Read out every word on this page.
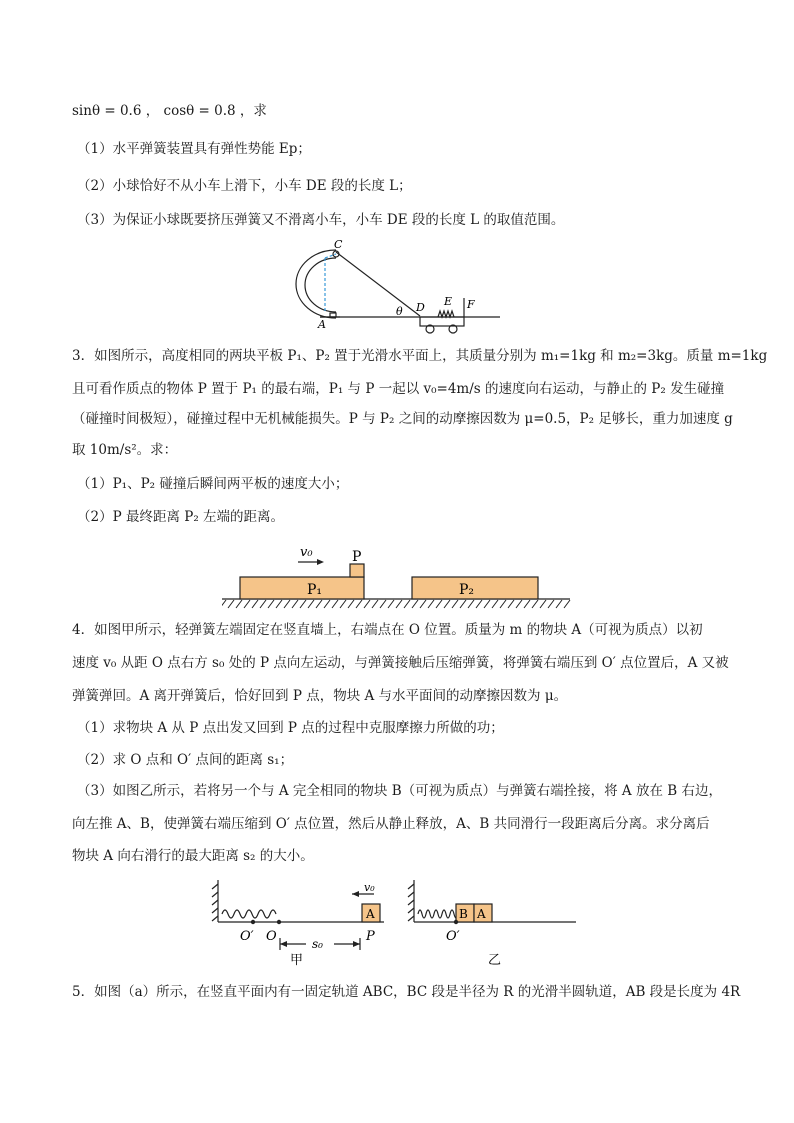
sinθ = 0.6 ， cosθ = 0.8 ，求
（1）水平弹簧装置具有弹性势能 Ep；
（2）小球恰好不从小车上滑下，小车 DE 段的长度 L；
（3）为保证小球既要挤压弹簧又不滑离小车，小车 DE 段的长度 L 的取值范围。
C
A
θ D E F
3．如图所示，高度相同的两块平板 P₁、P₂ 置于光滑水平面上，其质量分别为 m₁=1kg 和 m₂=3kg。质量 m=1kg
且可看作质点的物体 P 置于 P₁ 的最右端，P₁ 与 P 一起以 v₀=4m/s 的速度向右运动，与静止的 P₂ 发生碰撞
（碰撞时间极短），碰撞过程中无机械能损失。P 与 P₂ 之间的动摩擦因数为 μ=0.5，P₂ 足够长，重力加速度 g
取 10m/s²。求：
（1）P₁、P₂ 碰撞后瞬间两平板的速度大小；
（2）P 最终距离 P₂ 左端的距离。
v₀	P
P₁	P₂
4．如图甲所示，轻弹簧左端固定在竖直墙上，右端点在 O 位置。质量为 m 的物块 A（可视为质点）以初
速度 v₀ 从距 O 点右方 s₀ 处的 P 点向左运动，与弹簧接触后压缩弹簧，将弹簧右端压到 O′ 点位置后，A 又被
弹簧弹回。A 离开弹簧后，恰好回到 P 点，物块 A 与水平面间的动摩擦因数为 μ。
（1）求物块 A 从 P 点出发又回到 P 点的过程中克服摩擦力所做的功；
（2）求 O 点和 O′ 点间的距离 s₁；
（3）如图乙所示，若将另一个与 A 完全相同的物块 B（可视为质点）与弹簧右端拴接，将 A 放在 B 右边，
向左推 A、B，使弹簧右端压缩到 O′ 点位置，然后从静止释放，A、B 共同滑行一段距离后分离。求分离后
物块 A 向右滑行的最大距离 s₂ 的大小。
v₀
A
O′ O	s₀	P
甲
B A
O′
乙
5．如图（a）所示，在竖直平面内有一固定轨道 ABC，BC 段是半径为 R 的光滑半圆轨道，AB 段是长度为 4R
